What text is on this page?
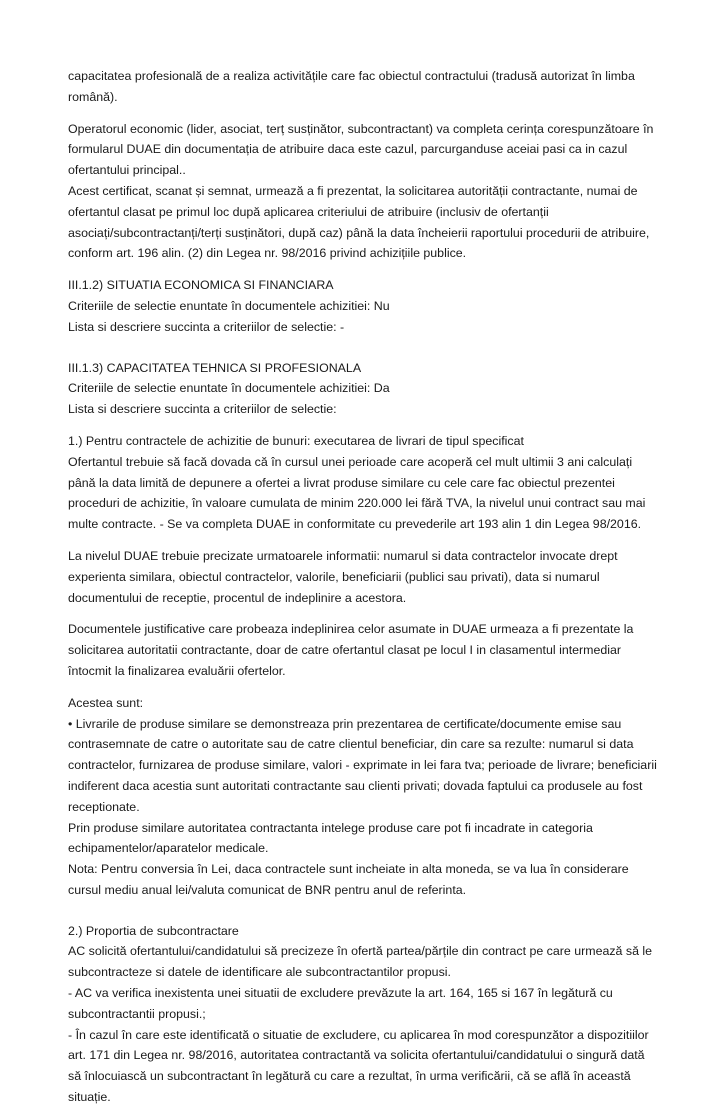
capacitatea profesională de a realiza activitățile care fac obiectul contractului (tradusă autorizat în limba
română).
Operatorul economic (lider, asociat, terț susținător, subcontractant) va completa cerința corespunzătoare în
formularul DUAE din documentația de atribuire daca este cazul, parcurganduse aceiai pasi ca in cazul
ofertantului principal..
Acest certificat, scanat și semnat, urmează a fi prezentat, la solicitarea autorității contractante, numai de
ofertantul clasat pe primul loc după aplicarea criteriului de atribuire (inclusiv de ofertanții
asociați/subcontractanți/terți susținători, după caz) până la data încheierii raportului procedurii de atribuire,
conform art. 196 alin. (2) din Legea nr. 98/2016 privind achizițiile publice.
III.1.2) SITUATIA ECONOMICA SI FINANCIARA
Criteriile de selectie enuntate în documentele achizitiei: Nu
Lista si descriere succinta a criteriilor de selectie: -
III.1.3) CAPACITATEA TEHNICA SI PROFESIONALA
Criteriile de selectie enuntate în documentele achizitiei: Da
Lista si descriere succinta a criteriilor de selectie:
1.) Pentru contractele de achizitie de bunuri: executarea de livrari de tipul specificat
Ofertantul trebuie să facă dovada că în cursul unei perioade care acoperă cel mult ultimii 3 ani calculați
până la data limită de depunere a ofertei a livrat produse similare cu cele care fac obiectul prezentei
proceduri de achizitie, în valoare cumulata de minim 220.000 lei fără TVA, la nivelul unui contract sau mai
multe contracte. - Se va completa DUAE in conformitate cu prevederile art 193 alin 1 din Legea 98/2016.
La nivelul DUAE trebuie precizate urmatoarele informatii: numarul si data contractelor invocate drept
experienta similara, obiectul contractelor, valorile, beneficiarii (publici sau privati), data si numarul
documentului de receptie, procentul de indeplinire a acestora.
Documentele justificative care probeaza indeplinirea celor asumate in DUAE urmeaza a fi prezentate la
solicitarea autoritatii contractante, doar de catre ofertantul clasat pe locul I in clasamentul intermediar
întocmit la finalizarea evaluării ofertelor.
Acestea sunt:
• Livrarile de produse similare se demonstreaza prin prezentarea de certificate/documente emise sau
contrasemnate de catre o autoritate sau de catre clientul beneficiar, din care sa rezulte: numarul si data
contractelor, furnizarea de produse similare, valori - exprimate in lei fara tva; perioade de livrare; beneficiarii
indiferent daca acestia sunt autoritati contractante sau clienti privati; dovada faptului ca produsele au fost
receptionate.
Prin produse similare autoritatea contractanta intelege produse care pot fi incadrate in categoria
echipamentelor/aparatelor medicale.
Nota: Pentru conversia în Lei, daca contractele sunt incheiate in alta moneda, se va lua în considerare
cursul mediu anual lei/valuta comunicat de BNR pentru anul de referinta.
2.) Proportia de subcontractare
AC solicită ofertantului/candidatului să precizeze în ofertă partea/părțile din contract pe care urmează să le
subcontracteze si datele de identificare ale subcontractantilor propusi.
- AC va verifica inexistenta unei situatii de excludere prevăzute la art. 164, 165 si 167 în legătură cu
subcontractantii propusi.;
- În cazul în care este identificată o situatie de excludere, cu aplicarea în mod corespunzător a dispozitiilor
art. 171 din Legea nr. 98/2016, autoritatea contractantă va solicita ofertantului/candidatului o singură dată
să înlocuiască un subcontractant în legătură cu care a rezultat, în urma verificării, că se află în această
situație.
